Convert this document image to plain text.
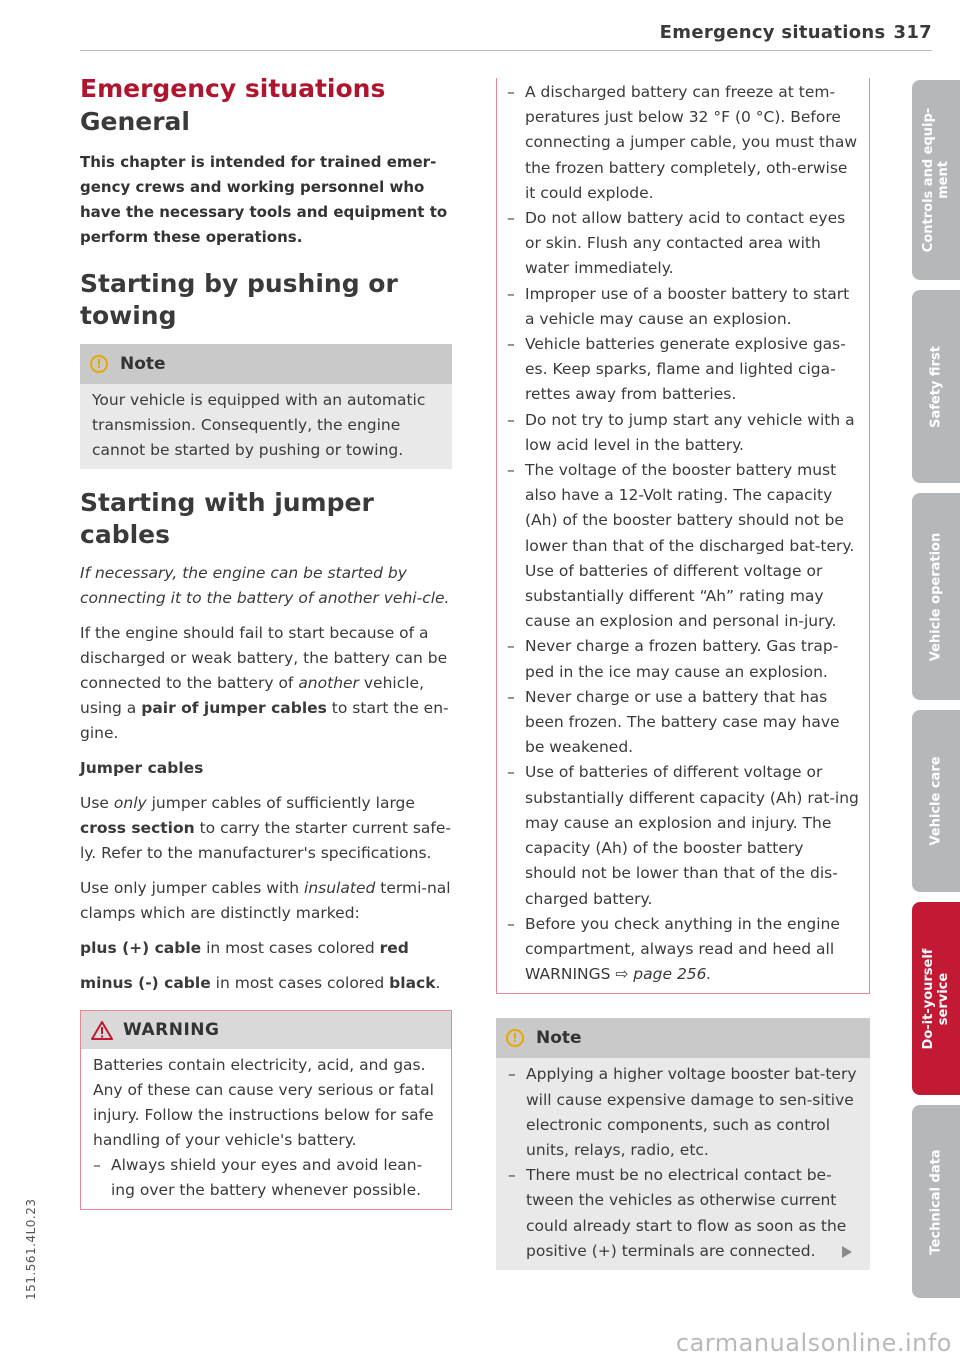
Emergency situations 317
Emergency situations
General

This chapter is intended for trained emer-gency crews and working personnel who have the necessary tools and equipment to perform these operations.

Starting by pushing or towing
!	Note

Your vehicle is equipped with an automatic transmission. Consequently, the engine cannot be started by pushing or towing.

Starting with jumper cables

If necessary, the engine can be started by connecting it to the battery of another vehi-cle.

If the engine should fail to start because of a discharged or weak battery, the battery can be connected to the battery of another vehicle, using a pair of jumper cables to start the en-gine.

Jumper cables

Use only jumper cables of sufficiently large cross section to carry the starter current safe-ly. Refer to the manufacturer's specifications.

Use only jumper cables with insulated termi-nal clamps which are distinctly marked:

plus (+) cable in most cases colored red

minus (-) cable in most cases colored black.

WARNING

Batteries contain electricity, acid, and gas. Any of these can cause very serious or fatal injury. Follow the instructions below for safe handling of your vehicle's battery.

– Always shield your eyes and avoid lean-ing over the battery whenever possible.
– A discharged battery can freeze at tem-peratures just below 32 °F (0 °C). Before connecting a jumper cable, you must thaw the frozen battery completely, oth-erwise it could explode.
– Do not allow battery acid to contact eyes or skin. Flush any contacted area with water immediately.
– Improper use of a booster battery to start a vehicle may cause an explosion.
– Vehicle batteries generate explosive gas-es. Keep sparks, flame and lighted ciga-rettes away from batteries.
– Do not try to jump start any vehicle with a low acid level in the battery.
– The voltage of the booster battery must also have a 12-Volt rating. The capacity (Ah) of the booster battery should not be lower than that of the discharged bat-tery. Use of batteries of different voltage or substantially different “Ah” rating may cause an explosion and personal in-jury.
– Never charge a frozen battery. Gas trap-ped in the ice may cause an explosion.
– Never charge or use a battery that has been frozen. The battery case may have be weakened.
– Use of batteries of different voltage or substantially different capacity (Ah) rat-ing may cause an explosion and injury. The capacity (Ah) of the booster battery should not be lower than that of the dis-charged battery.
– Before you check anything in the engine compartment, always read and heed all WARNINGS ⇨ page 256.
!	Note
– Applying a higher voltage booster bat-tery will cause expensive damage to sen-sitive electronic components, such as control units, relays, radio, etc.
– There must be no electrical contact be-tween the vehicles as otherwise current could already start to flow as soon as the positive (+) terminals are connected.
Controls and equip-
ment
Safety first
Vehicle operation
Vehicle care
Do-it-yourself
service
Technical data
151.561.4L0.23
carmanualsonline.info
